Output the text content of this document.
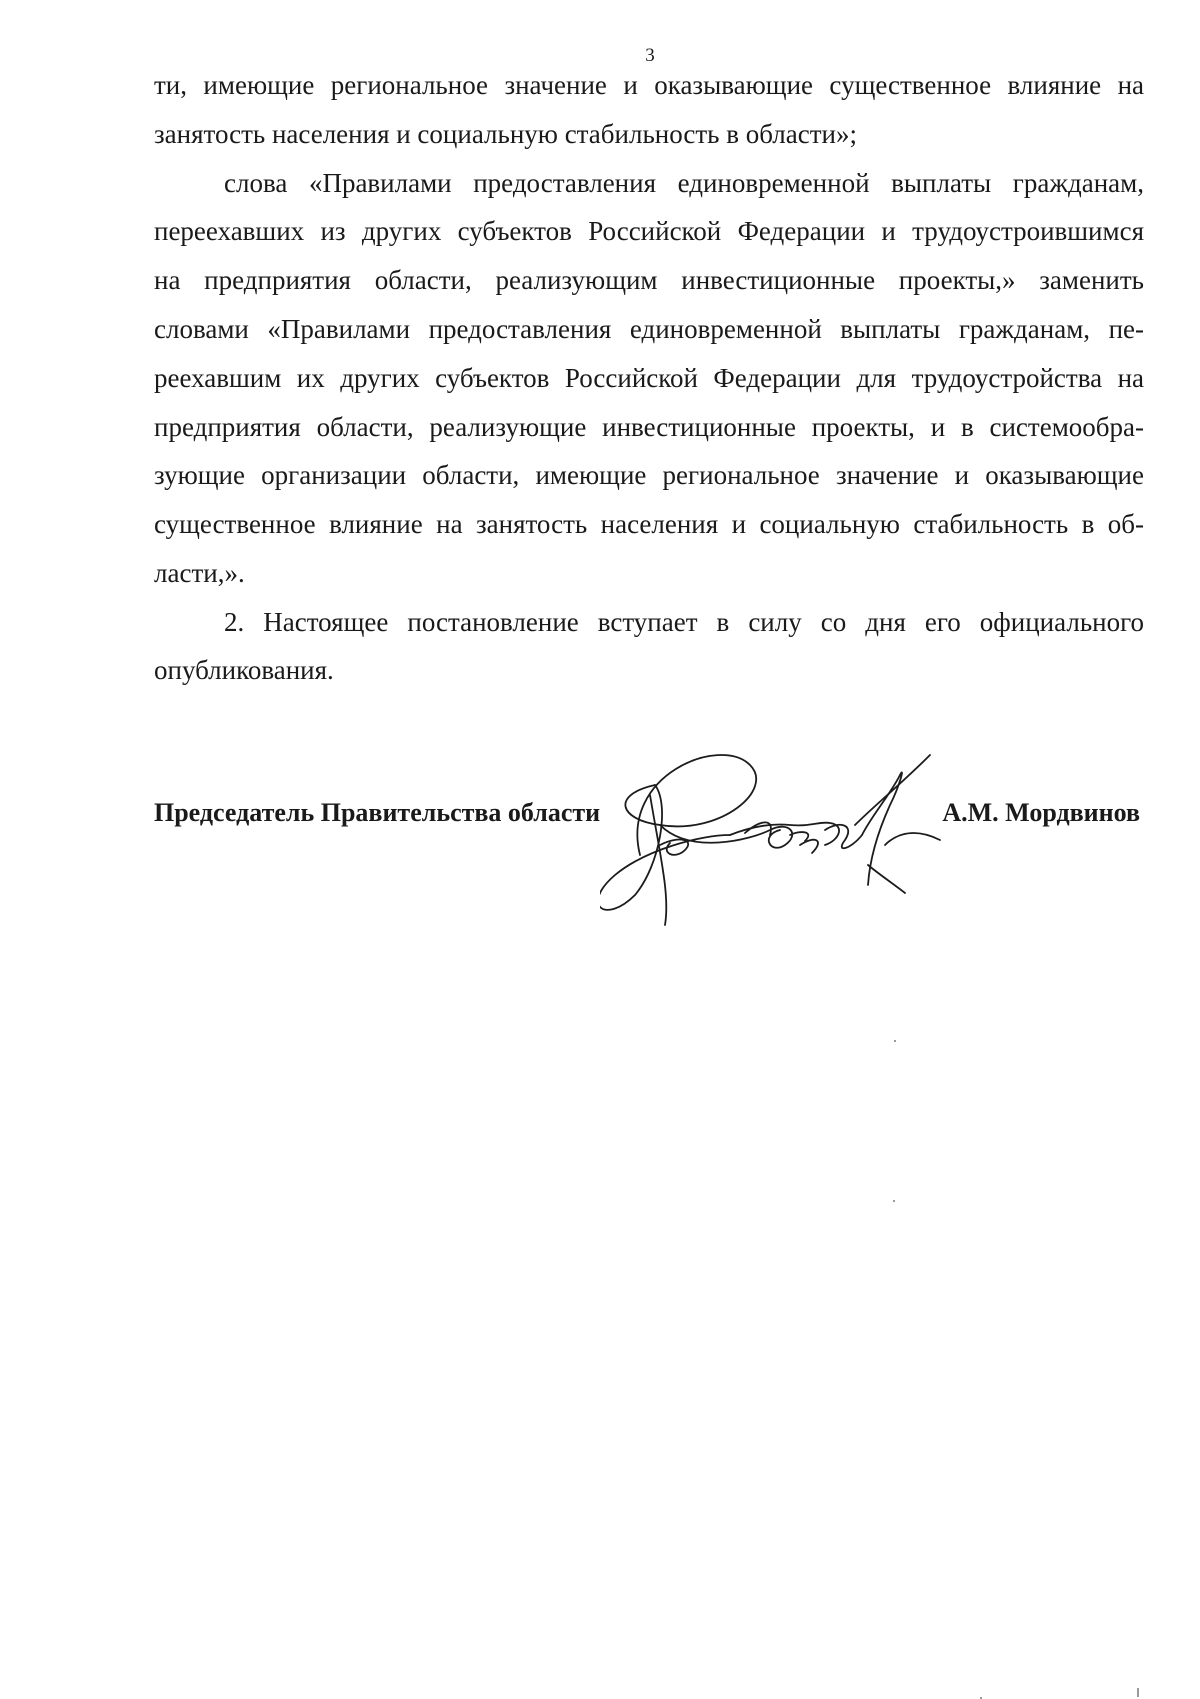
3
ти, имеющие региональное значение и оказывающие существенное влияние на
занятость населения и социальную стабильность в области»;
слова «Правилами предоставления единовременной выплаты гражданам,
переехавших из других субъектов Российской Федерации и трудоустроившимся
на предприятия области, реализующим инвестиционные проекты,» заменить
словами «Правилами предоставления единовременной выплаты гражданам, пе-
реехавшим их других субъектов Российской Федерации для трудоустройства на
предприятия области, реализующие инвестиционные проекты, и в системообра-
зующие организации области, имеющие региональное значение и оказывающие
существенное влияние на занятость населения и социальную стабильность в об-
ласти,».
2. Настоящее постановление вступает в силу со дня его официального
опубликования.
Председатель Правительства области	А.М. Мордвинов
